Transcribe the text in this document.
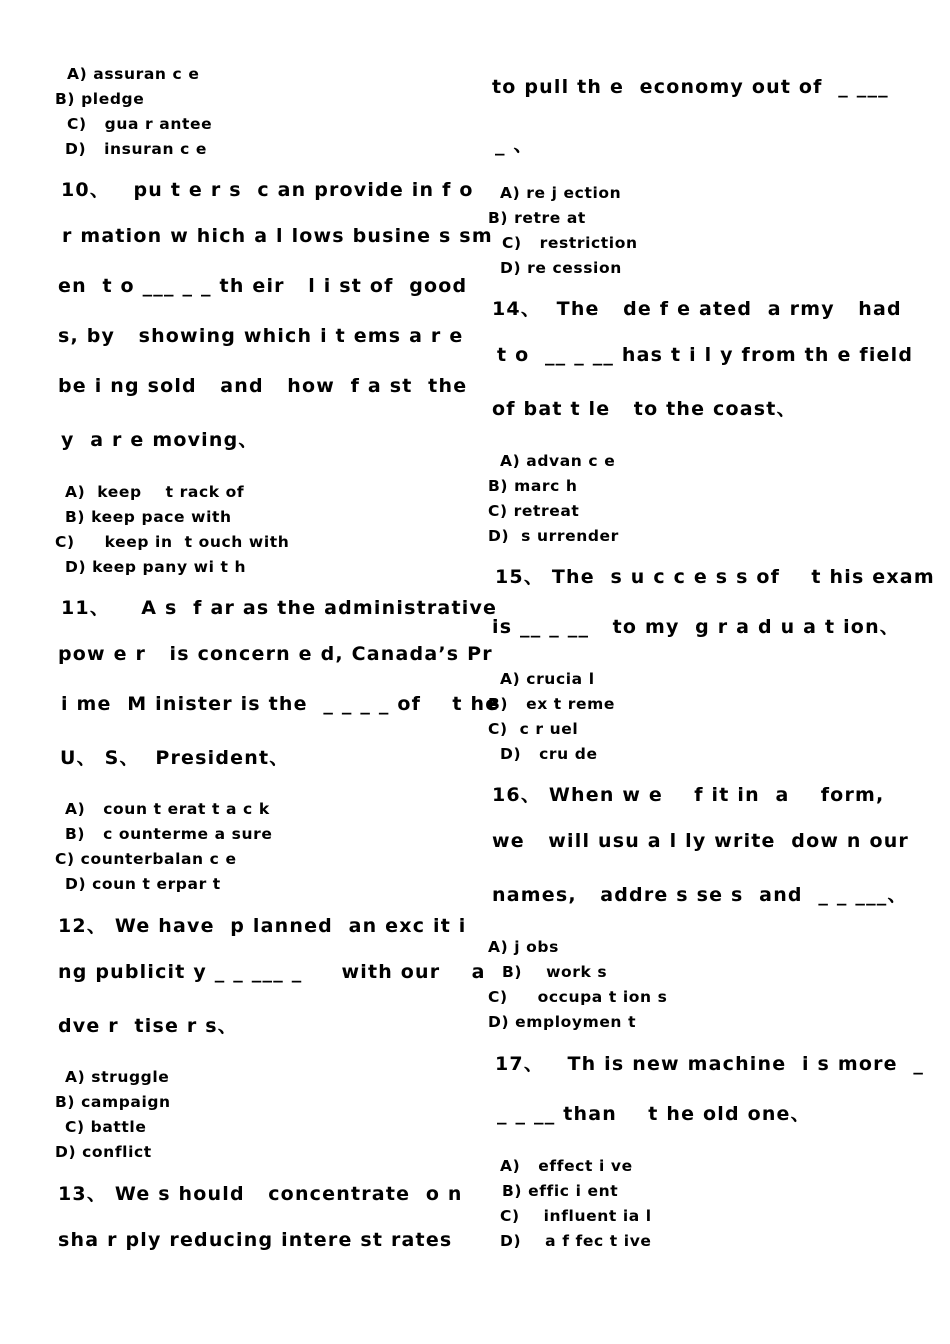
A) assuran c e
B) pledge
C)   gua r antee
D)   insuran c e
10、   pu t e r s  c an provide in f o
r mation w hich a l lows busine s sm
en  t o ___ _ _ th eir   l i st of  good
s, by   showing which i t ems a r e
be i ng sold   and   how  f a st  the
y  a r e moving、
A)  keep    t rack of
B) keep pace with
C)     keep in  t ouch with
D) keep pany wi t h
11、    A s  f ar as the administrative
pow e r   is concern e d, Canada’s Pr
i me  M inister is the  _ _ _ _ of    t he
U、 S、  President、
A)   coun t erat t a c k
B)   c ounterme a sure
C) counterbalan c e
D) coun t erpar t
12、 We have  p lanned  an exc it i
ng publicit y _ _ ___ _     with our    a
dve r  tise r s、
A) struggle
B) campaign
C) battle
D) conflict
13、 We s hould   concentrate  o n
sha r ply reducing intere st rates
to pull th e  economy out of  _ ___
_ 、
A) re j ection
B) retre at
C)   restriction
D) re cession
14、  The   de f e ated  a rmy   had
t o  __ _ __ has t i l y from th e field
of bat t le   to the coast、
A) advan c e
B) marc h
C) retreat
D)  s urrender
15、 The  s u c c e s s of    t his exam
is __ _ __   to my  g r a d u a t ion、
A) crucia l
B)   ex t reme
C)  c r uel
D)   cru de
16、 When w e    f it in  a    form,
we   will usu a l ly write  dow n our
names,   addre s se s  and  _ _ ___、
A) j obs
B)    work s
C)     occupa t ion s
D) employmen t
17、   Th is new machine  i s more  _
_ _ __ than    t he old one、
A)   effect i ve
B) effic i ent
C)    influent ia l
D)    a f fec t ive
